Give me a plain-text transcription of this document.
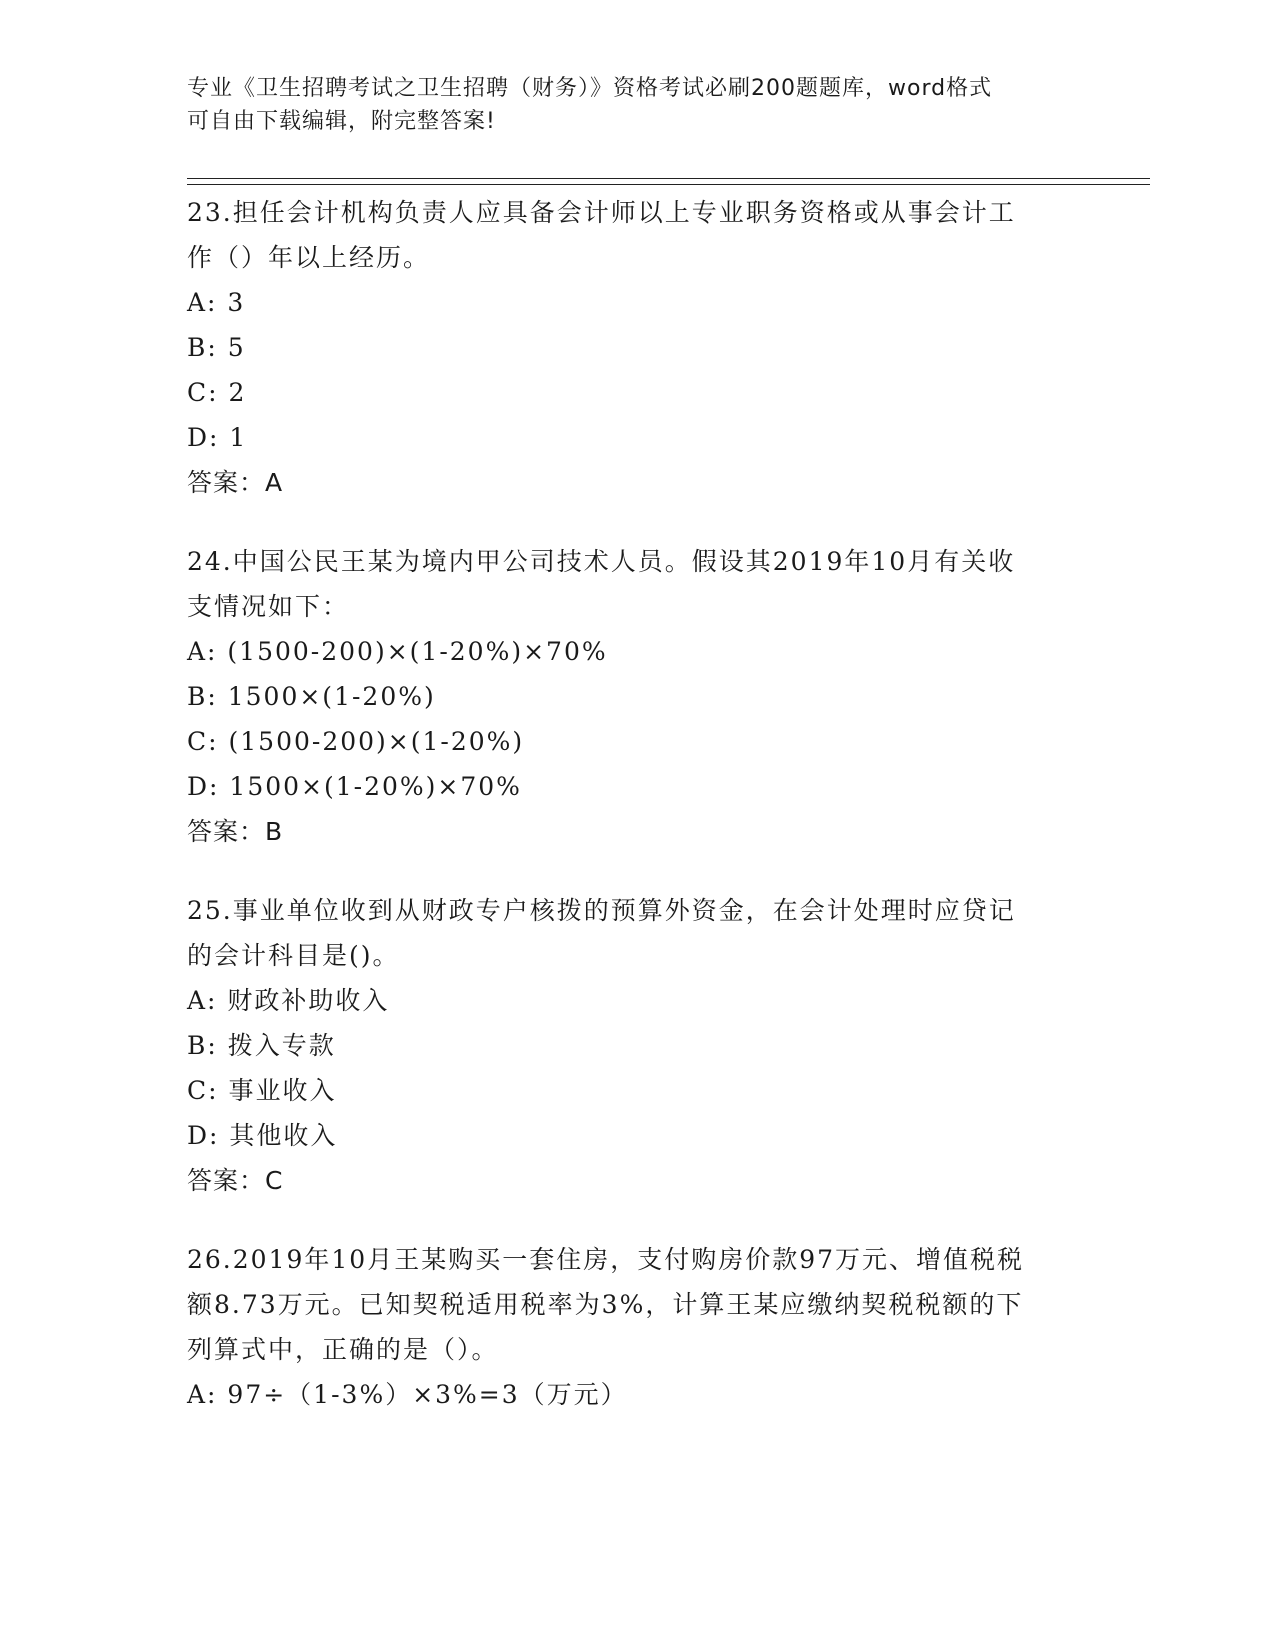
专业《卫生招聘考试之卫生招聘（财务）》资格考试必刷200题题库，word格式
可自由下载编辑，附完整答案!

23.担任会计机构负责人应具备会计师以上专业职务资格或从事会计工

作（）年以上经历。

A: 3

B: 5

C: 2

D: 1

答案：A

24.中国公民王某为境内甲公司技术人员。假设其2019年10月有关收

支情况如下：

A: (1500-200)×(1-20%)×70%

B: 1500×(1-20%)

C: (1500-200)×(1-20%)

D: 1500×(1-20%)×70%

答案：B

25.事业单位收到从财政专户核拨的预算外资金，在会计处理时应贷记

的会计科目是()。

A: 财政补助收入

B: 拨入专款

C: 事业收入

D: 其他收入

答案：C

26.2019年10月王某购买一套住房，支付购房价款97万元、增值税税

额8.73万元。已知契税适用税率为3%，计算王某应缴纳契税税额的下

列算式中，正确的是（）。

A: 97÷（1-3%）×3%=3（万元）
